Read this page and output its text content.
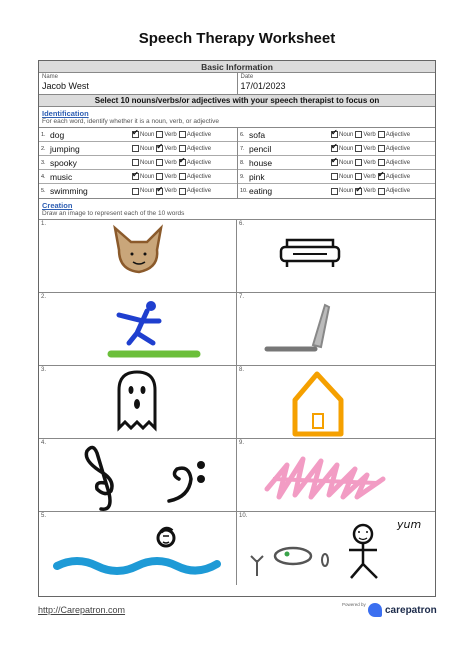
Speech Therapy Worksheet
Basic Information
Name
Jacob West
Date
17/01/2023
Select 10 nouns/verbs/or adjectives with your speech therapist to focus on
Identification
For each word, identify whether it is a noun, verb, or adjective
1. dog ✔	Noun Verb Adjective
2. jumping	Noun ✔ Verb Adjective
3. spooky	Noun Verb ✔ Adjective
4. music ✔	Noun Verb Adjective
5. swimming	Noun ✔ Verb Adjective
6. sofa ✔	Noun Verb Adjective
7. pencil ✔	Noun Verb Adjective
8. house ✔	Noun Verb Adjective
9. pink	Noun Verb ✔ Adjective
10. eating	Noun ✔ Verb Adjective
Creation
Draw an image to represent each of the 10 words
1.	6.
2.	7.
3.	8.
4.	9.
5.	10.
yum
http://Carepatron.com
Powered by carepatron
